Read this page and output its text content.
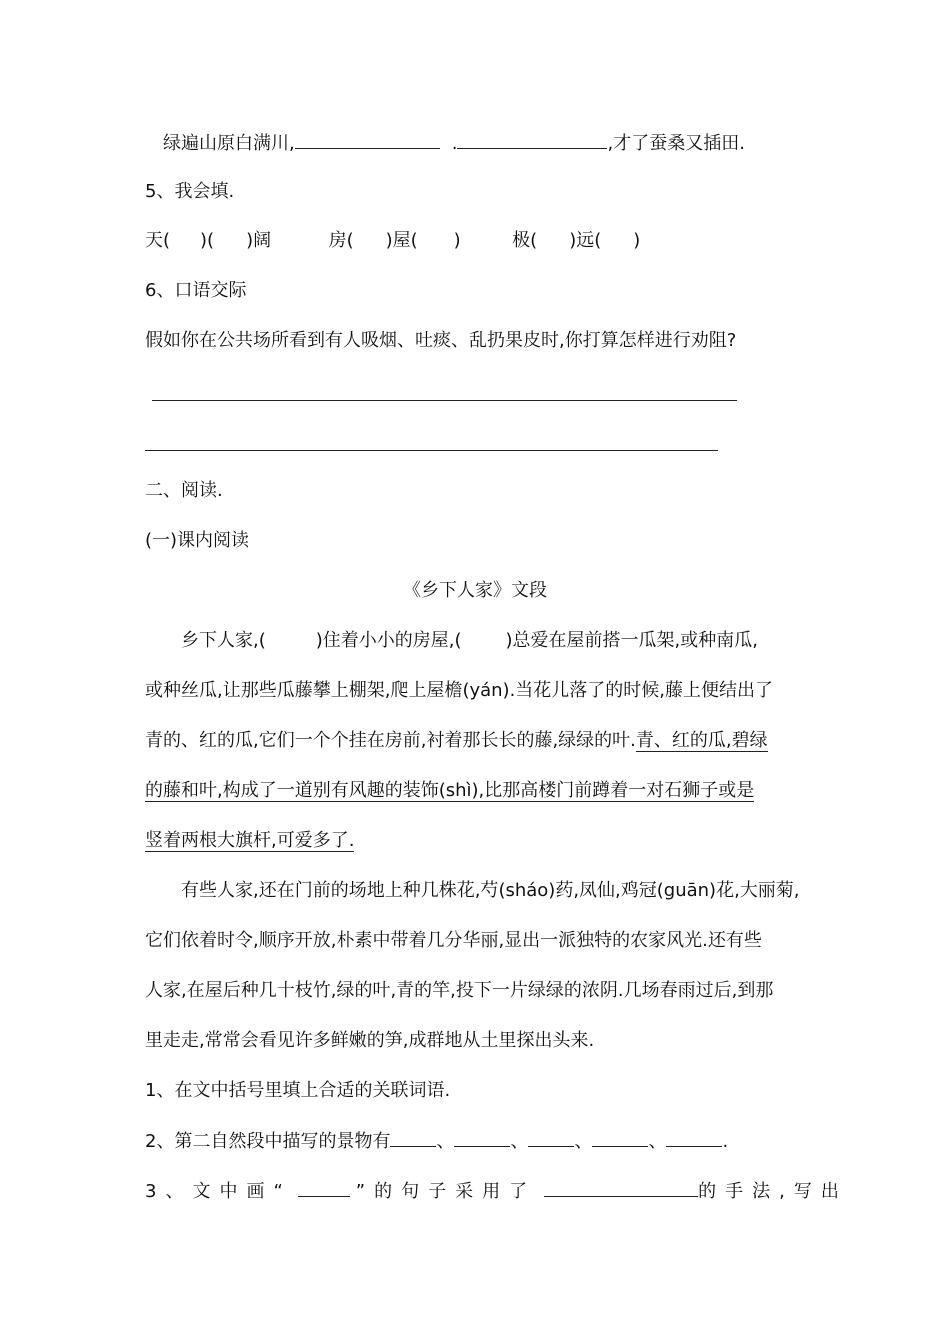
绿遍山原白满川,	.	,才了蚕桑又插田.
5、我会填.
天( )( )阔	房( )屋( )	极( )远( )
6、口语交际
假如你在公共场所看到有人吸烟、吐痰、乱扔果皮时,你打算怎样进行劝阻?
二、阅读.
(一)课内阅读
《乡下人家》文段
乡下人家,(	)住着小小的房屋,( )总爱在屋前搭一瓜架,或种南瓜,
或种丝瓜,让那些瓜藤攀上棚架,爬上屋檐(yán).当花儿落了的时候,藤上便结出了
青的、红的瓜,它们一个个挂在房前,衬着那长长的藤,绿绿的叶.青、红的瓜,碧绿
的藤和叶,构成了一道别有风趣的装饰(shì),比那高楼门前蹲着一对石狮子或是
竖着两根大旗杆,可爱多了.
有些人家,还在门前的场地上种几株花,芍(sháo)药,凤仙,鸡冠(guān)花,大丽菊,
它们依着时令,顺序开放,朴素中带着几分华丽,显出一派独特的农家风光.还有些
人家,在屋后种几十枝竹,绿的叶,青的竿,投下一片绿绿的浓阴.几场春雨过后,到那
里走走,常常会看见许多鲜嫩的笋,成群地从土里探出头来.
1、在文中括号里填上合适的关联词语.
2、第二自然段中描写的景物有	、	、	、	、	.
3、文中画“	”的句子采用了	的手法,写出
